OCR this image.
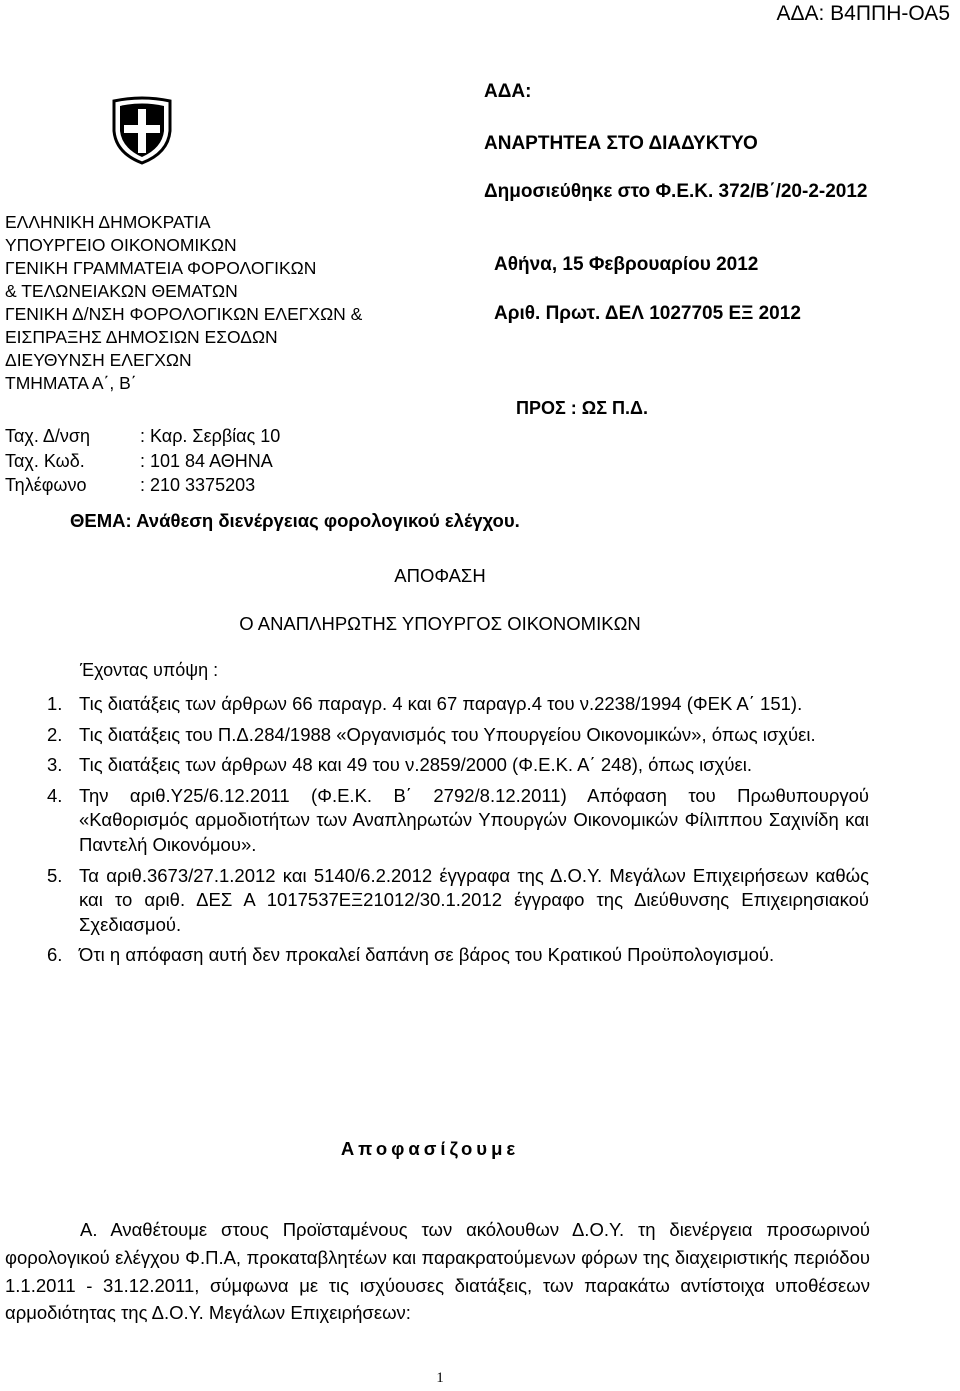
ΑΔΑ: Β4ΠΠΗ-ΟΑ5
ΕΛΛΗΝΙΚΗ ΔΗΜΟΚΡΑΤΙΑ
ΥΠΟΥΡΓΕΙΟ ΟΙΚΟΝΟΜΙΚΩΝ
ΓΕΝΙΚΗ ΓΡΑΜΜΑΤΕΙΑ ΦΟΡΟΛΟΓΙΚΩΝ
& ΤΕΛΩΝΕΙΑΚΩΝ ΘΕΜΑΤΩΝ
ΓΕΝΙΚΗ Δ/ΝΣΗ ΦΟΡΟΛΟΓΙΚΩΝ ΕΛΕΓΧΩΝ &
ΕΙΣΠΡΑΞΗΣ ΔΗΜΟΣΙΩΝ ΕΣΟΔΩΝ
ΔΙΕΥΘΥΝΣΗ ΕΛΕΓΧΩΝ
ΤΜΗΜΑΤΑ Α΄, Β΄
Ταχ. Δ/νση	: Καρ. Σερβίας 10
Ταχ. Κωδ.	: 101 84 ΑΘΗΝΑ
Τηλέφωνο	: 210 3375203
ΑΔΑ:
ΑΝΑΡΤΗΤΕΑ ΣΤΟ ΔΙΑΔΥΚΤΥΟ
Δημοσιεύθηκε στο Φ.Ε.Κ. 372/Β΄/20-2-2012
Αθήνα, 15 Φεβρουαρίου 2012
Αριθ. Πρωτ. ΔΕΛ 1027705 ΕΞ 2012
ΠΡΟΣ : ΩΣ Π.Δ.
ΘΕΜΑ: Ανάθεση διενέργειας φορολογικού ελέγχου.
ΑΠΟΦΑΣΗ
Ο ΑΝΑΠΛΗΡΩΤΗΣ ΥΠΟΥΡΓΟΣ ΟΙΚΟΝΟΜΙΚΩΝ
Έχοντας υπόψη :
1. Τις διατάξεις των άρθρων 66 παραγρ. 4 και 67 παραγρ.4 του ν.2238/1994 (ΦΕΚ Α΄ 151).
2. Τις διατάξεις του Π.Δ.284/1988 «Οργανισμός του Υπουργείου Οικονομικών», όπως ισχύει.
3. Τις διατάξεις των άρθρων 48 και 49 του ν.2859/2000 (Φ.Ε.Κ. Α΄ 248), όπως ισχύει.
4. Την αριθ.Υ25/6.12.2011 (Φ.Ε.Κ. Β΄ 2792/8.12.2011) Απόφαση του Πρωθυπουργού «Καθορισμός αρμοδιοτήτων των Αναπληρωτών Υπουργών Οικονομικών Φίλιππου Σαχινίδη και Παντελή Οικονόμου».
5. Τα αριθ.3673/27.1.2012 και 5140/6.2.2012 έγγραφα της Δ.Ο.Υ. Μεγάλων Επιχειρήσεων καθώς και το αριθ. ΔΕΣ Α 1017537ΕΞ21012/30.1.2012 έγγραφο της Διεύθυνσης Επιχειρησιακού Σχεδιασμού.
6. Ότι η απόφαση αυτή δεν προκαλεί δαπάνη σε βάρος του Κρατικού Προϋπολογισμού.
Αποφασίζουμε
Α. Αναθέτουμε στους Προϊσταμένους των ακόλουθων Δ.Ο.Υ. τη διενέργεια προσωρινού φορολογικού ελέγχου Φ.Π.Α, προκαταβλητέων και παρακρατούμενων φόρων της διαχειριστικής περιόδου 1.1.2011 - 31.12.2011, σύμφωνα με τις ισχύουσες διατάξεις, των παρακάτω αντίστοιχα υποθέσεων αρμοδιότητας της Δ.Ο.Υ. Μεγάλων Επιχειρήσεων:
1
